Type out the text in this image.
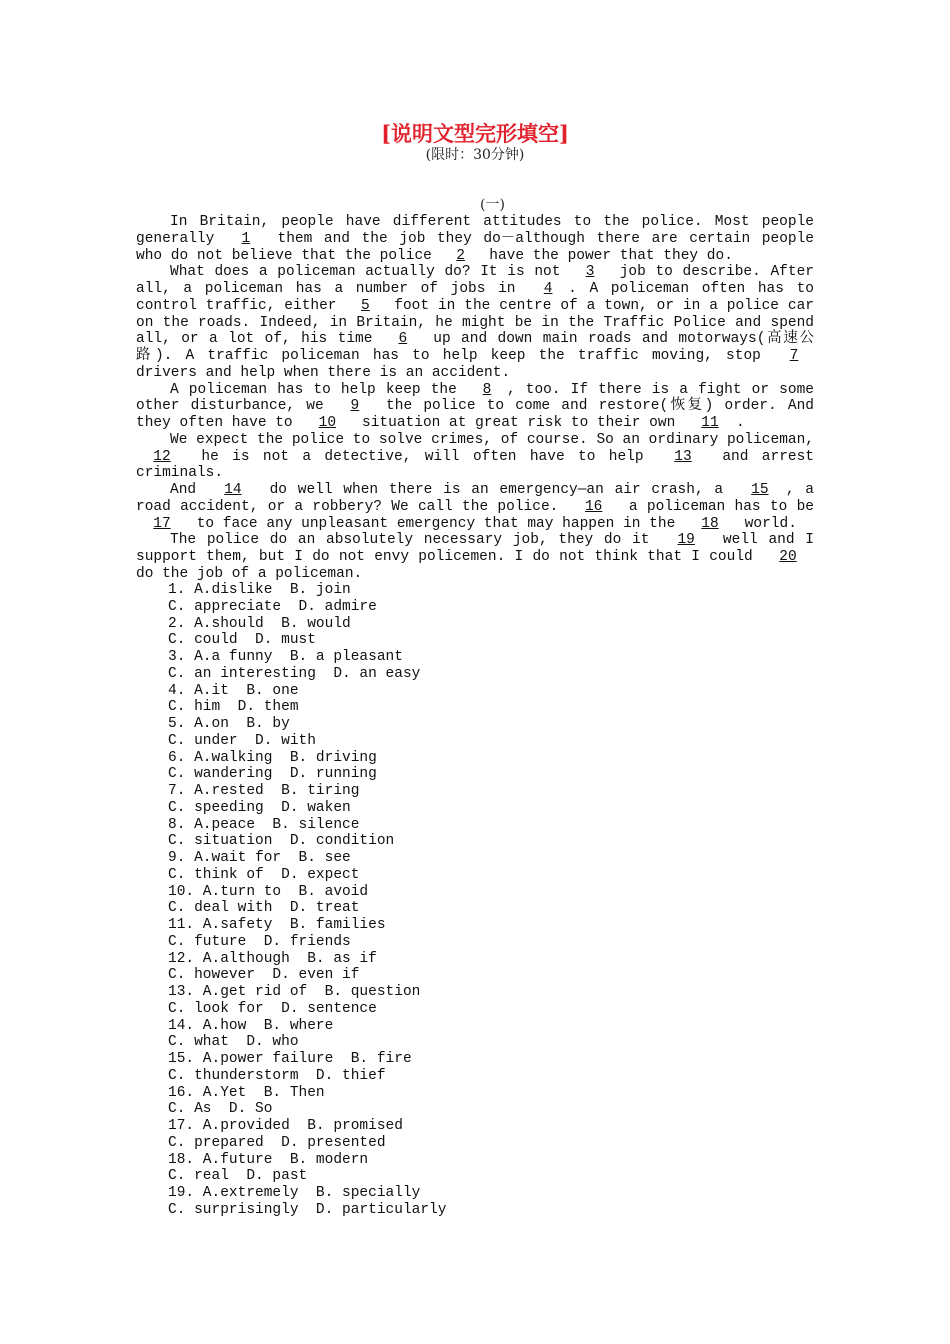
[说明文型完形填空]
(限时：30分钟)
(一)

In Britain, people have different attitudes to the police. Most people generally 1 them and the job they do－although there are certain people who do not believe that the police 2 have the power that they do.

What does a policeman actually do? It is not 3 job to describe. After all, a policeman has a number of jobs in 4 . A policeman often has to control traffic, either 5 foot in the centre of a town, or in a police car on the roads. Indeed, in Britain, he might be in the Traffic Police and spend all, or a lot of, his time 6 up and down main roads and motorways(高速公路). A traffic policeman has to help keep the traffic moving, stop 7 drivers and help when there is an accident.

A policeman has to help keep the 8 , too. If there is a fight or some other disturbance, we 9 the police to come and restore(恢复) order. And they often have to 10 situation at great risk to their own 11 .

We expect the police to solve crimes, of course. So an ordinary policeman, 12 he is not a detective, will often have to help 13 and arrest criminals.

And 14 do well when there is an emergency—an air crash, a 15 , a road accident, or a robbery? We call the police. 16 a policeman has to be 17 to face any unpleasant emergency that may happen in the 18 world.

The police do an absolutely necessary job, they do it 19 well and I support them, but I do not envy policemen. I do not think that I could 20 do the job of a policeman.

1. A.dislike  B. join
C. appreciate  D. admire
2. A.should  B. would
C. could  D. must
3. A.a funny  B. a pleasant
C. an interesting  D. an easy
4. A.it  B. one
C. him  D. them
5. A.on  B. by
C. under  D. with
6. A.walking  B. driving
C. wandering  D. running
7. A.rested  B. tiring
C. speeding  D. waken
8. A.peace  B. silence
C. situation  D. condition
9. A.wait for  B. see
C. think of  D. expect
10. A.turn to  B. avoid
C. deal with  D. treat
11. A.safety  B. families
C. future  D. friends
12. A.although  B. as if
C. however  D. even if
13. A.get rid of  B. question
C. look for  D. sentence
14. A.how  B. where
C. what  D. who
15. A.power failure  B. fire
C. thunderstorm  D. thief
16. A.Yet  B. Then
C. As  D. So
17. A.provided  B. promised
C. prepared  D. presented
18. A.future  B. modern
C. real  D. past
19. A.extremely  B. specially
C. surprisingly  D. particularly
